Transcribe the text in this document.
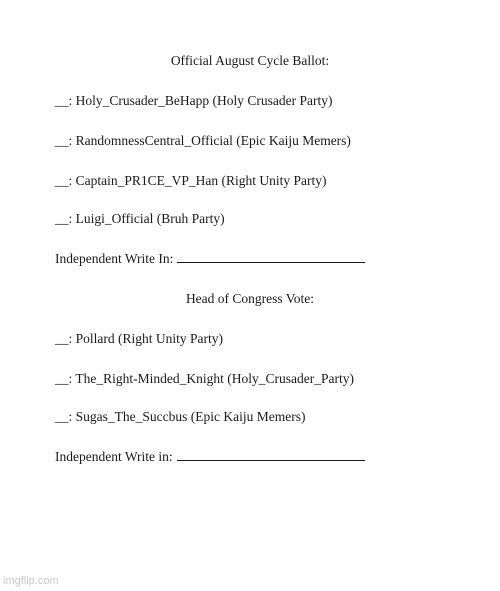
Official August Cycle Ballot:
__: Holy_Crusader_BeHapp (Holy Crusader Party)
__: RandomnessCentral_Official (Epic Kaiju Memers)
__: Captain_PR1CE_VP_Han (Right Unity Party)
__: Luigi_Official (Bruh Party)
Independent Write In:
Head of Congress Vote:
__: Pollard (Right Unity Party)
__: The_Right-Minded_Knight (Holy_Crusader_Party)
__: Sugas_The_Succbus (Epic Kaiju Memers)
Independent Write in:
imgflip.com
